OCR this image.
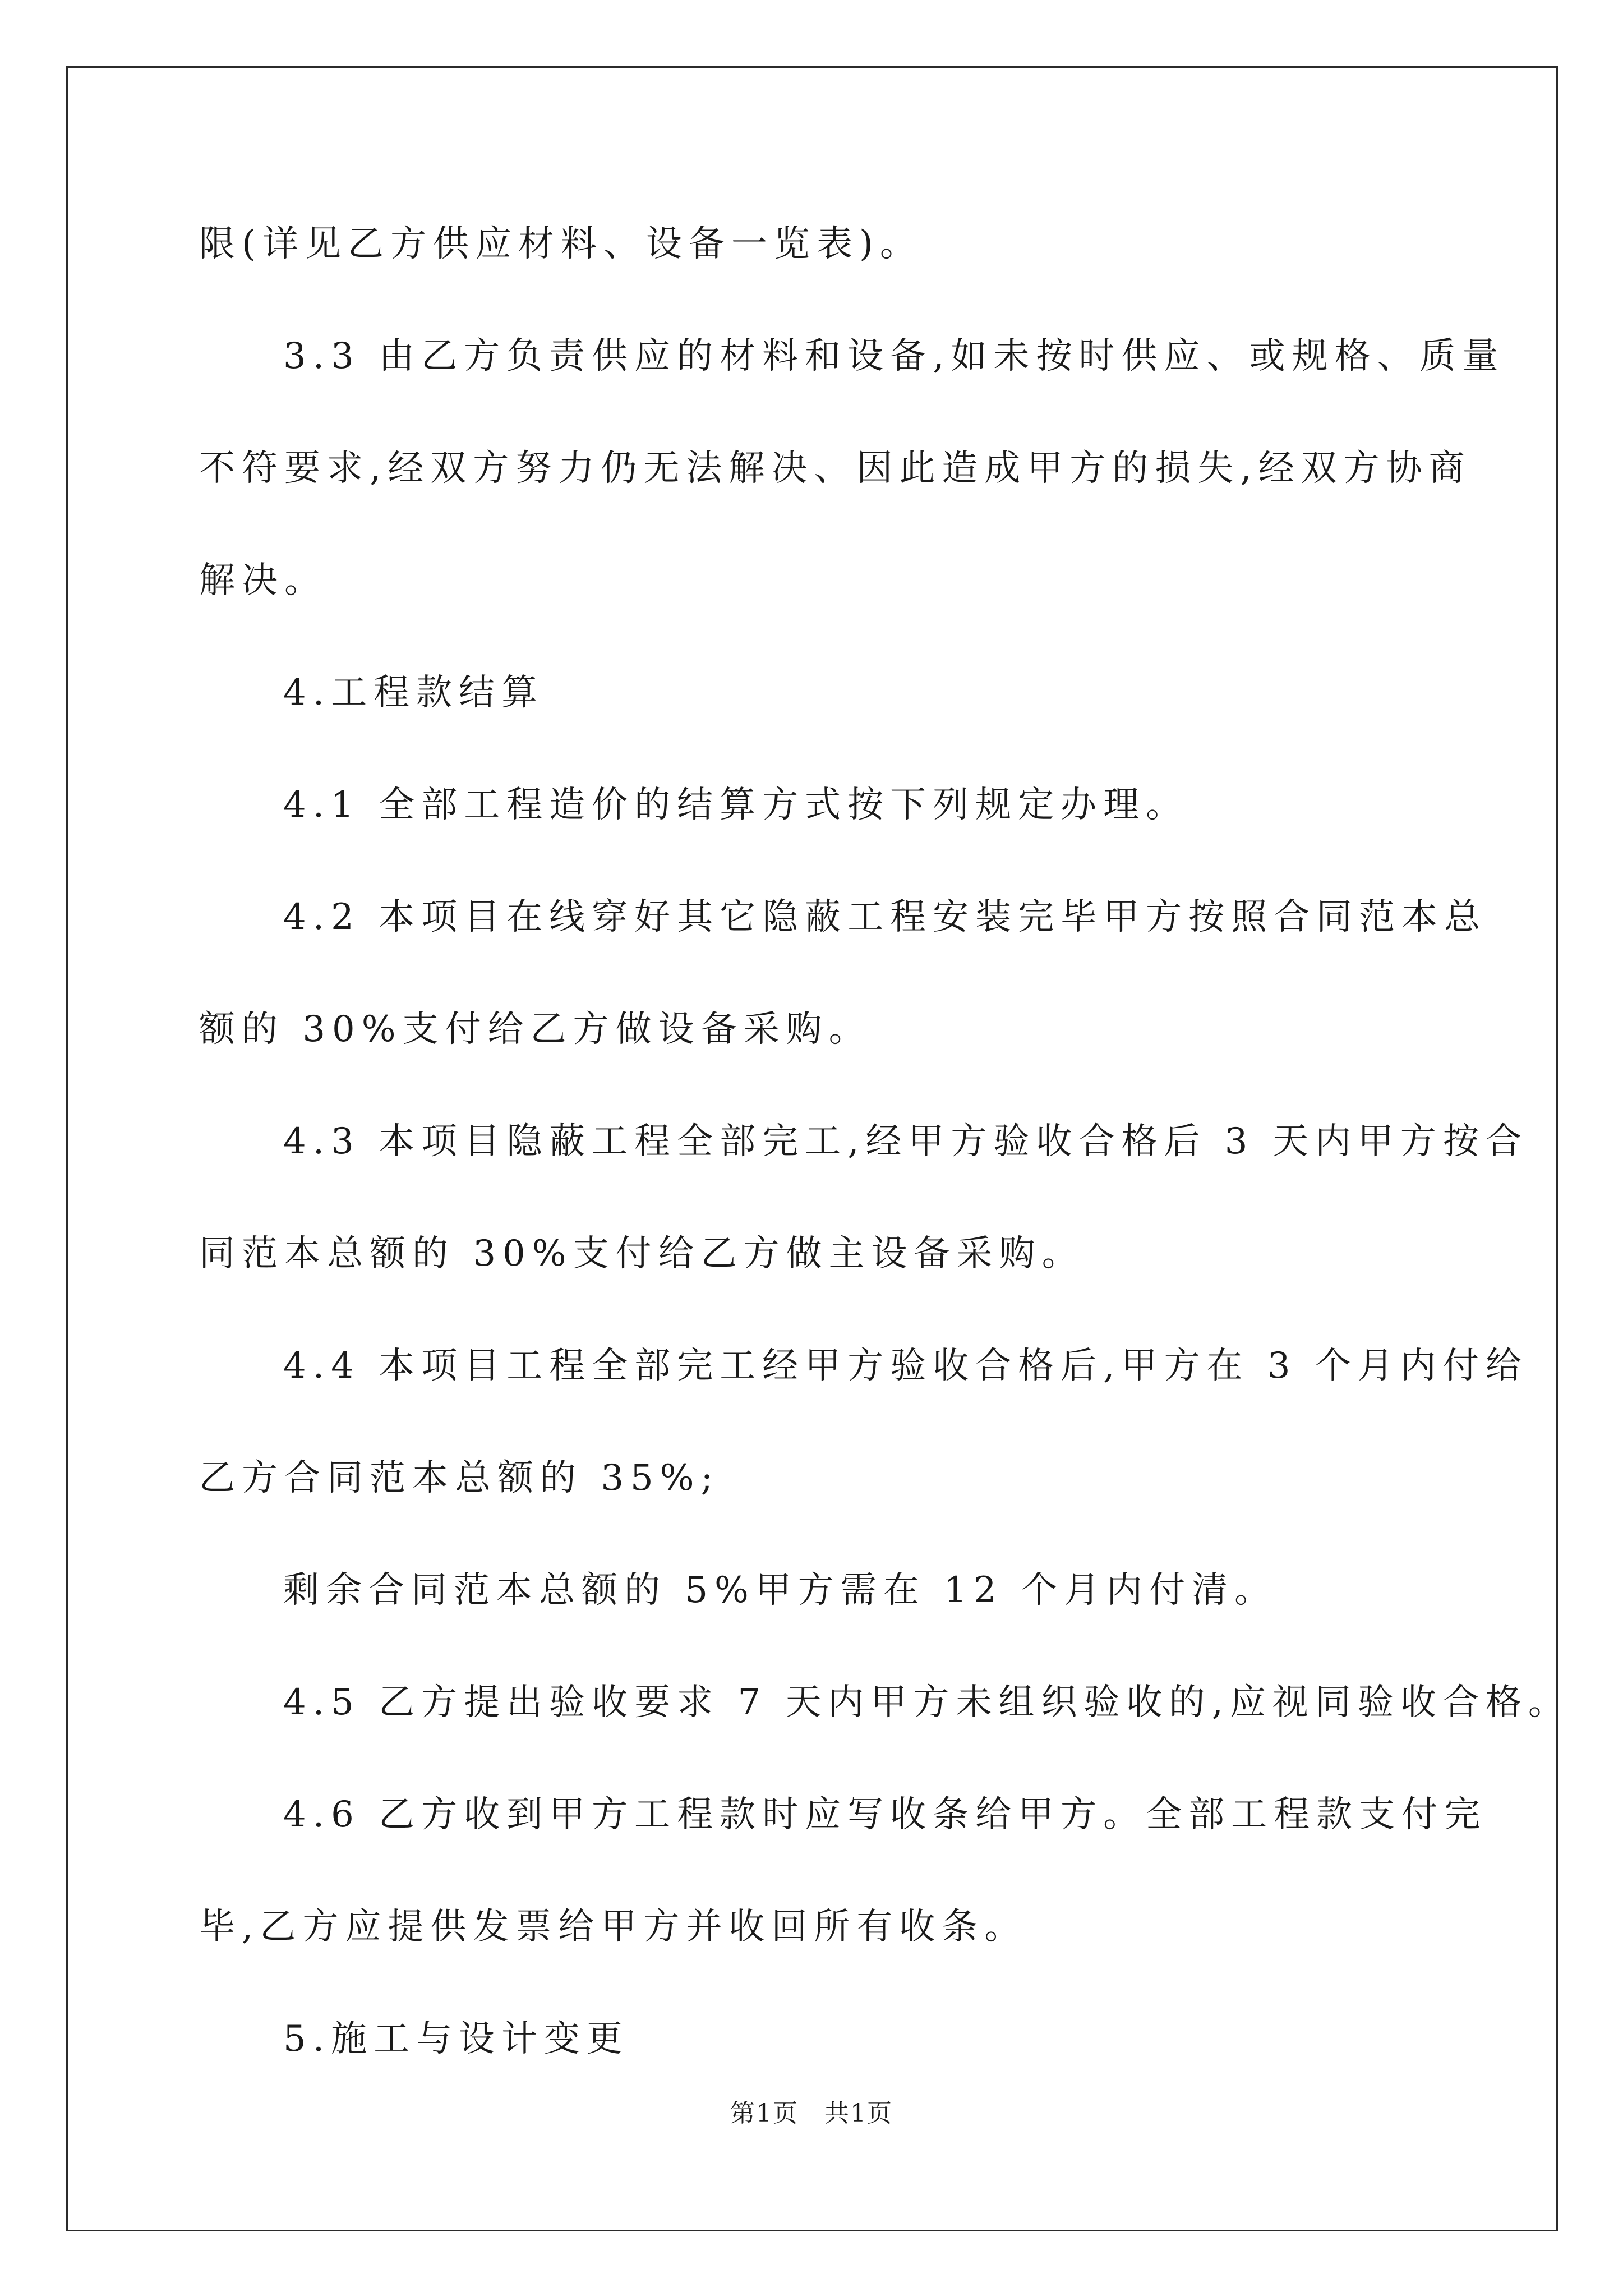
限(详见乙方供应材料、设备一览表)。
3.3 由乙方负责供应的材料和设备,如未按时供应、或规格、质量
不符要求,经双方努力仍无法解决、因此造成甲方的损失,经双方协商
解决。
4.工程款结算
4.1 全部工程造价的结算方式按下列规定办理。
4.2 本项目在线穿好其它隐蔽工程安装完毕甲方按照合同范本总
额的 30%支付给乙方做设备采购。
4.3 本项目隐蔽工程全部完工,经甲方验收合格后 3 天内甲方按合
同范本总额的 30%支付给乙方做主设备采购。
4.4 本项目工程全部完工经甲方验收合格后,甲方在 3 个月内付给
乙方合同范本总额的 35%;
剩余合同范本总额的 5%甲方需在 12 个月内付清。
4.5 乙方提出验收要求 7 天内甲方未组织验收的,应视同验收合格。
4.6 乙方收到甲方工程款时应写收条给甲方。全部工程款支付完
毕,乙方应提供发票给甲方并收回所有收条。
5.施工与设计变更
第1页　共1页
